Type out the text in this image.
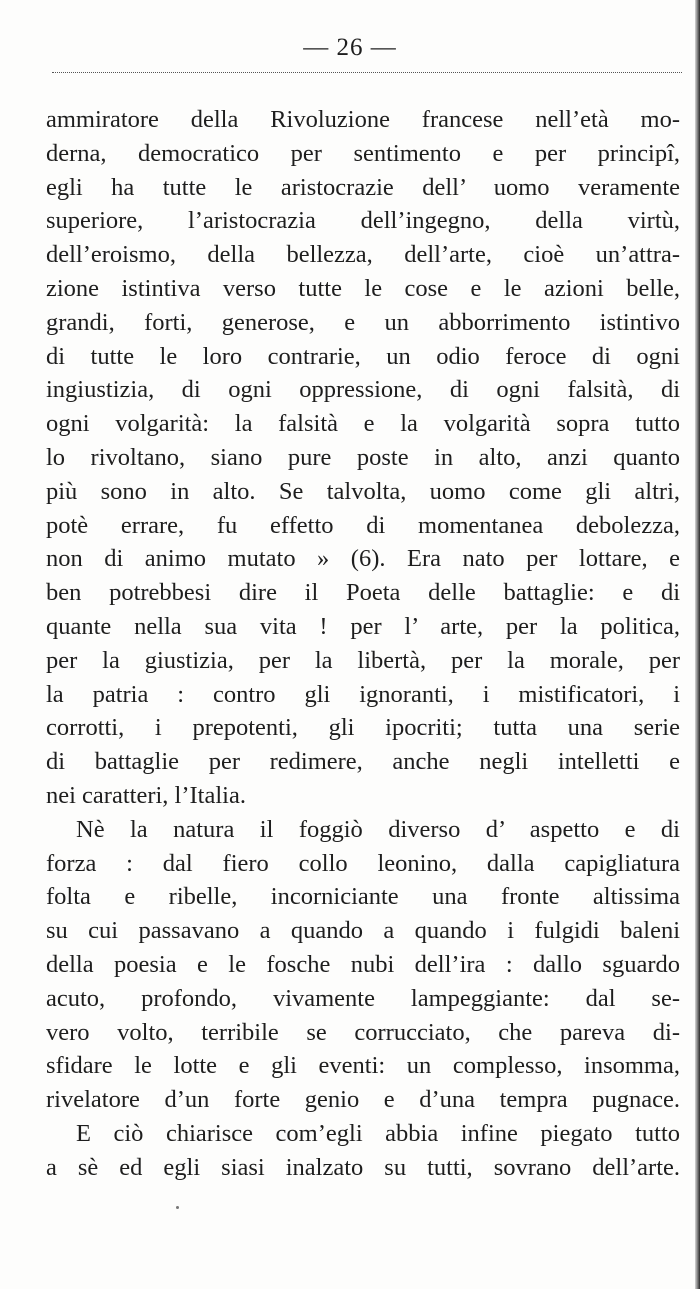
— 26 —
ammiratore della Rivoluzione francese nell’età mo-
derna, democratico per sentimento e per principî,
egli ha tutte le aristocrazie dell’ uomo veramente
superiore, l’aristocrazia dell’ingegno, della virtù,
dell’eroismo, della bellezza, dell’arte, cioè un’attra-
zione istintiva verso tutte le cose e le azioni belle,
grandi, forti, generose, e un abborrimento istintivo
di tutte le loro contrarie, un odio feroce di ogni
ingiustizia, di ogni oppressione, di ogni falsità, di
ogni volgarità: la falsità e la volgarità sopra tutto
lo rivoltano, siano pure poste in alto, anzi quanto
più sono in alto. Se talvolta, uomo come gli altri,
potè errare, fu effetto di momentanea debolezza,
non di animo mutato » (6). Era nato per lottare, e
ben potrebbesi dire il Poeta delle battaglie: e di
quante nella sua vita ! per l’ arte, per la politica,
per la giustizia, per la libertà, per la morale, per
la patria : contro gli ignoranti, i mistificatori, i
corrotti, i prepotenti, gli ipocriti; tutta una serie
di battaglie per redimere, anche negli intelletti e
nei caratteri, l’Italia.
Nè la natura il foggiò diverso d’ aspetto e di
forza : dal fiero collo leonino, dalla capigliatura
folta e ribelle, incorniciante una fronte altissima
su cui passavano a quando a quando i fulgidi baleni
della poesia e le fosche nubi dell’ira : dallo sguardo
acuto, profondo, vivamente lampeggiante: dal se-
vero volto, terribile se corrucciato, che pareva di-
sfidare le lotte e gli eventi: un complesso, insomma,
rivelatore d’un forte genio e d’una tempra pugnace.
E ciò chiarisce com’egli abbia infine piegato tutto
a sè ed egli siasi inalzato su tutti, sovrano dell’arte.
